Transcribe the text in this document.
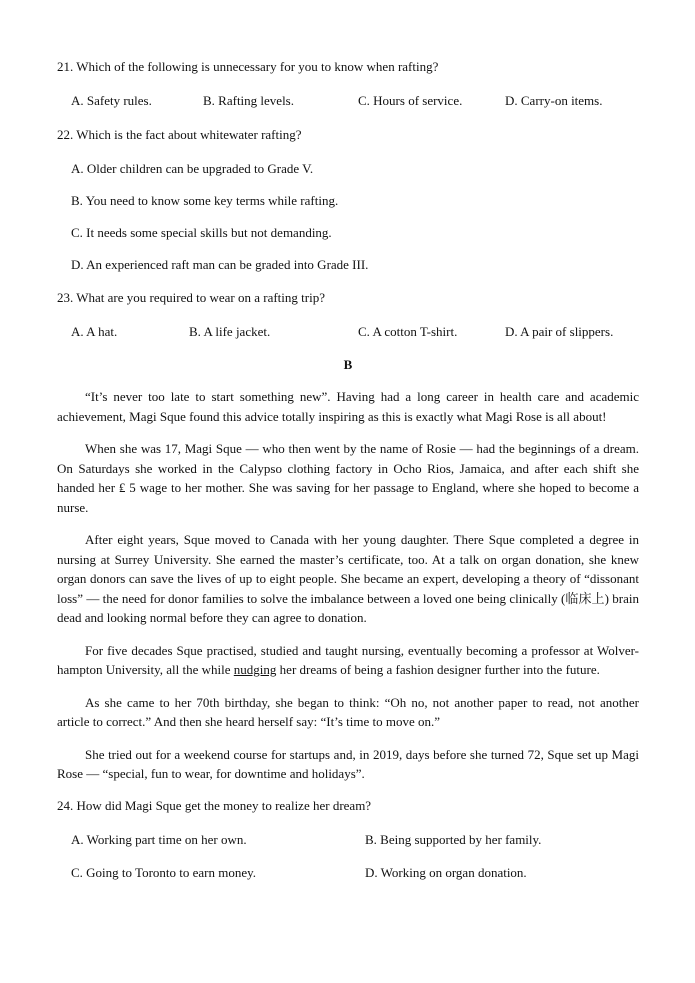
21. Which of the following is unnecessary for you to know when rafting?
A. Safety rules.	B. Rafting levels.	C. Hours of service.	D. Carry-on items.
22. Which is the fact about whitewater rafting?
A. Older children can be upgraded to Grade V.
B. You need to know some key terms while rafting.
C. It needs some special skills but not demanding.
D. An experienced raft man can be graded into Grade III.
23. What are you required to wear on a rafting trip?
A. A hat.	B. A life jacket.	C. A cotton T-shirt.	D. A pair of slippers.
B

“It’s never too late to start something new”. Having had a long career in health care and academic achievement, Magi Sque found this advice totally inspiring as this is exactly what Magi Rose is all about!

When she was 17, Magi Sque — who then went by the name of Rosie — had the beginnings of a dream. On Saturdays she worked in the Calypso clothing factory in Ocho Rios, Jamaica, and after each shift she handed her ₤ 5 wage to her mother. She was saving for her passage to England, where she hoped to become a nurse.

After eight years, Sque moved to Canada with her young daughter. There Sque completed a degree in nursing at Surrey University. She earned the master’s certificate, too. At a talk on organ donation, she knew organ donors can save the lives of up to eight people. She became an expert, developing a theory of “dissonant loss” — the need for donor families to solve the imbalance between a loved one being clinically (临床上) brain dead and looking normal before they can agree to donation.

For five decades Sque practised, studied and taught nursing, eventually becoming a professor at Wolver-hampton University, all the while nudging her dreams of being a fashion designer further into the future.

As she came to her 70th birthday, she began to think: “Oh no, not another paper to read, not another article to correct.” And then she heard herself say: “It’s time to move on.”

She tried out for a weekend course for startups and, in 2019, days before she turned 72, Sque set up Magi Rose — “special, fun to wear, for downtime and holidays”.

24. How did Magi Sque get the money to realize her dream?
A. Working part time on her own.	B. Being supported by her family.
C. Going to Toronto to earn money.	D. Working on organ donation.
